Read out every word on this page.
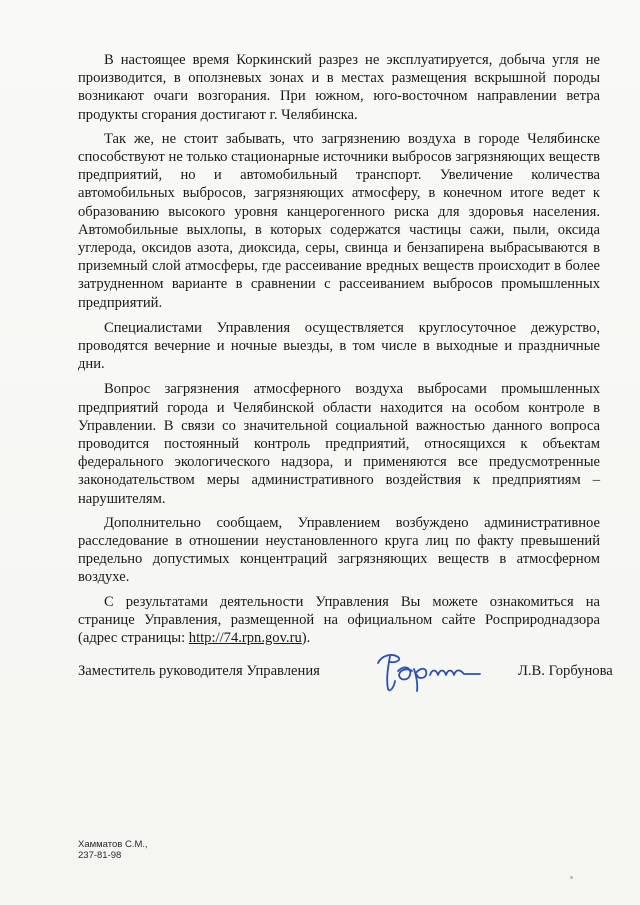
В настоящее время Коркинский разрез не эксплуатируется, добыча угля не производится, в оползневых зонах и в местах размещения вскрышной породы возникают очаги возгорания. При южном, юго-восточном направлении ветра продукты сгорания достигают г. Челябинска.

Так же, не стоит забывать, что загрязнению воздуха в городе Челябинске способствуют не только стационарные источники выбросов загрязняющих веществ предприятий, но и автомобильный транспорт. Увеличение количества автомобильных выбросов, загрязняющих атмосферу, в конечном итоге ведет к образованию высокого уровня канцерогенного риска для здоровья населения. Автомобильные выхлопы, в которых содержатся частицы сажи, пыли, оксида углерода, оксидов азота, диоксида, серы, свинца и бензапирена выбрасываются в приземный слой атмосферы, где рассеивание вредных веществ происходит в более затрудненном варианте в сравнении с рассеиванием выбросов промышленных предприятий.

Специалистами Управления осуществляется круглосуточное дежурство, проводятся вечерние и ночные выезды, в том числе в выходные и праздничные дни.

Вопрос загрязнения атмосферного воздуха выбросами промышленных предприятий города и Челябинской области находится на особом контроле в Управлении. В связи со значительной социальной важностью данного вопроса проводится постоянный контроль предприятий, относящихся к объектам федерального экологического надзора, и применяются все предусмотренные законодательством меры административного воздействия к предприятиям – нарушителям.

Дополнительно сообщаем, Управлением возбуждено административное расследование в отношении неустановленного круга лиц по факту превышений предельно допустимых концентраций загрязняющих веществ в атмосферном воздухе.

С результатами деятельности Управления Вы можете ознакомиться на странице Управления, размещенной на официальном сайте Росприроднадзора (адрес страницы: http://74.rpn.gov.ru).

Заместитель руководителя Управления	Л.В. Горбунова
Хамматов С.М.,
237-81-98
